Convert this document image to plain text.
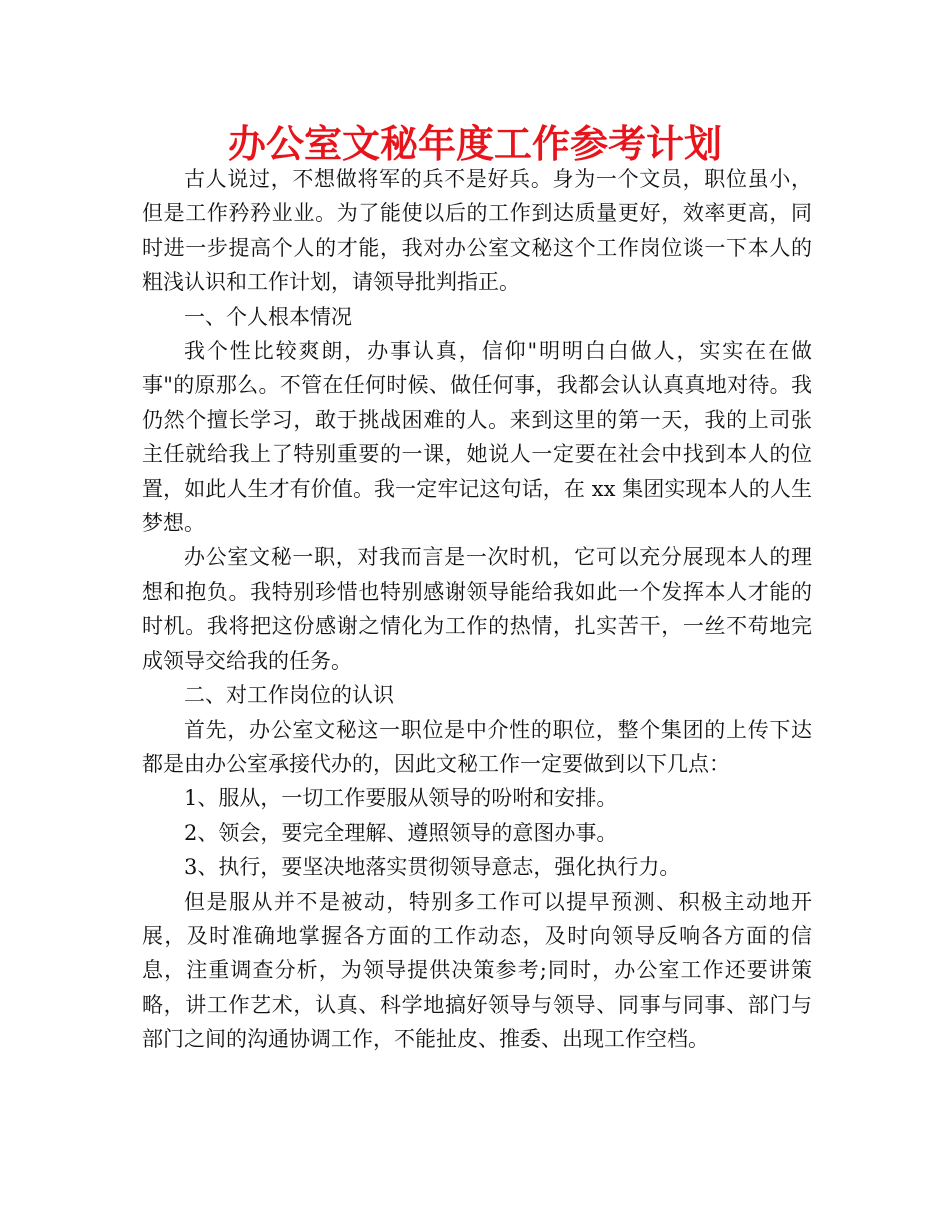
办公室文秘年度工作参考计划

古人说过，不想做将军的兵不是好兵。身为一个文员，职位虽小，但是工作矜矜业业。为了能使以后的工作到达质量更好，效率更高，同时进一步提高个人的才能，我对办公室文秘这个工作岗位谈一下本人的粗浅认识和工作计划，请领导批判指正。

一、个人根本情况

我个性比较爽朗，办事认真，信仰"明明白白做人，实实在在做事"的原那么。不管在任何时候、做任何事，我都会认认真真地对待。我仍然个擅长学习，敢于挑战困难的人。来到这里的第一天，我的上司张主任就给我上了特别重要的一课，她说人一定要在社会中找到本人的位置，如此人生才有价值。我一定牢记这句话，在 xx 集团实现本人的人生梦想。

办公室文秘一职，对我而言是一次时机，它可以充分展现本人的理想和抱负。我特别珍惜也特别感谢领导能给我如此一个发挥本人才能的时机。我将把这份感谢之情化为工作的热情，扎实苦干，一丝不苟地完成领导交给我的任务。

二、对工作岗位的认识

首先，办公室文秘这一职位是中介性的职位，整个集团的上传下达都是由办公室承接代办的，因此文秘工作一定要做到以下几点：

1、服从，一切工作要服从领导的吩咐和安排。

2、领会，要完全理解、遵照领导的意图办事。

3、执行，要坚决地落实贯彻领导意志，强化执行力。

但是服从并不是被动，特别多工作可以提早预测、积极主动地开展，及时准确地掌握各方面的工作动态，及时向领导反响各方面的信息，注重调查分析，为领导提供决策参考;同时，办公室工作还要讲策略，讲工作艺术，认真、科学地搞好领导与领导、同事与同事、部门与部门之间的沟通协调工作，不能扯皮、推委、出现工作空档。
